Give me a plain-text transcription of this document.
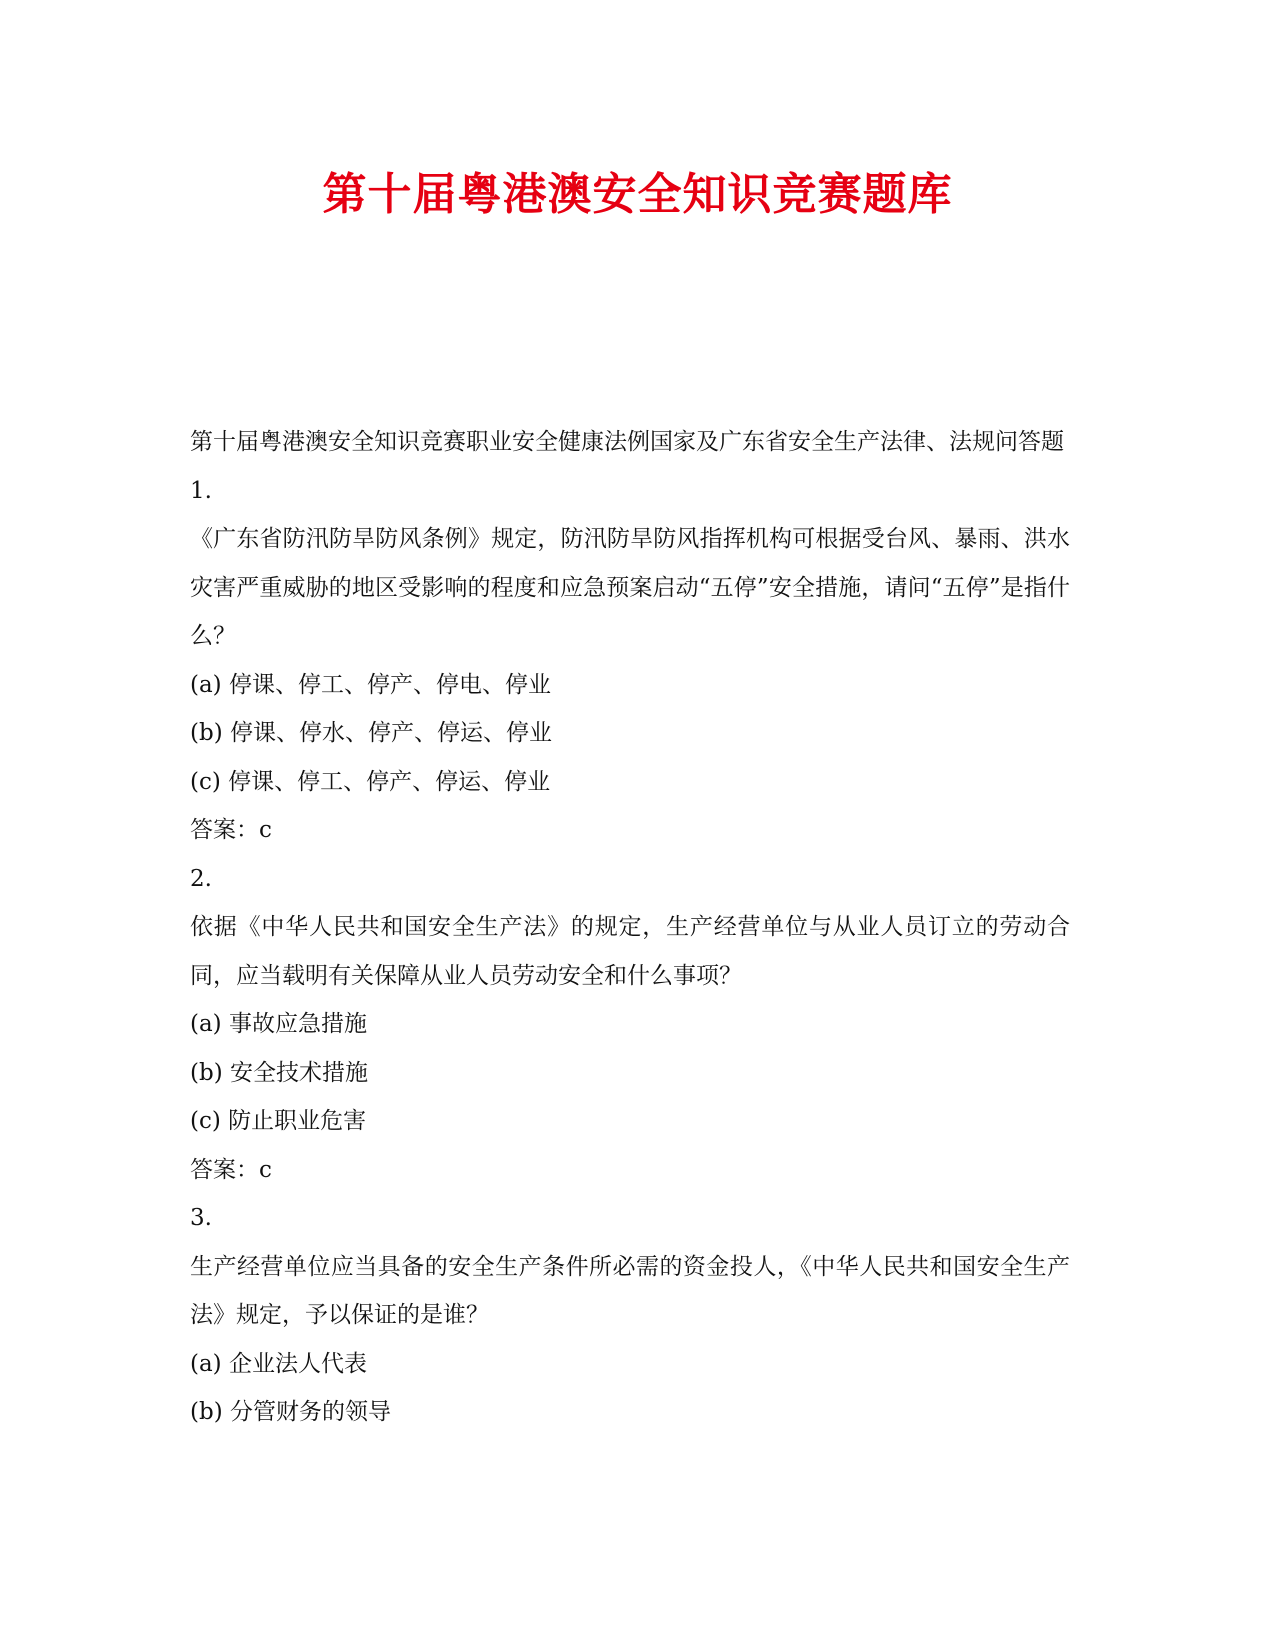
第十届粤港澳安全知识竞赛题库

第十届粤港澳安全知识竞赛职业安全健康法例国家及广东省安全生产法律、法规问答题

1.

《广东省防汛防旱防风条例》规定，防汛防旱防风指挥机构可根据受台风、暴雨、洪水灾害严重威胁的地区受影响的程度和应急预案启动“五停”安全措施，请问“五停”是指什么？

(a) 停课、停工、停产、停电、停业

(b) 停课、停水、停产、停运、停业

(c) 停课、停工、停产、停运、停业

答案：c

2.

依据《中华人民共和国安全生产法》的规定，生产经营单位与从业人员订立的劳动合同，应当载明有关保障从业人员劳动安全和什么事项？

(a) 事故应急措施

(b) 安全技术措施

(c) 防止职业危害

答案：c

3.

生产经营单位应当具备的安全生产条件所必需的资金投人，《中华人民共和国安全生产法》规定，予以保证的是谁？

(a) 企业法人代表

(b) 分管财务的领导
